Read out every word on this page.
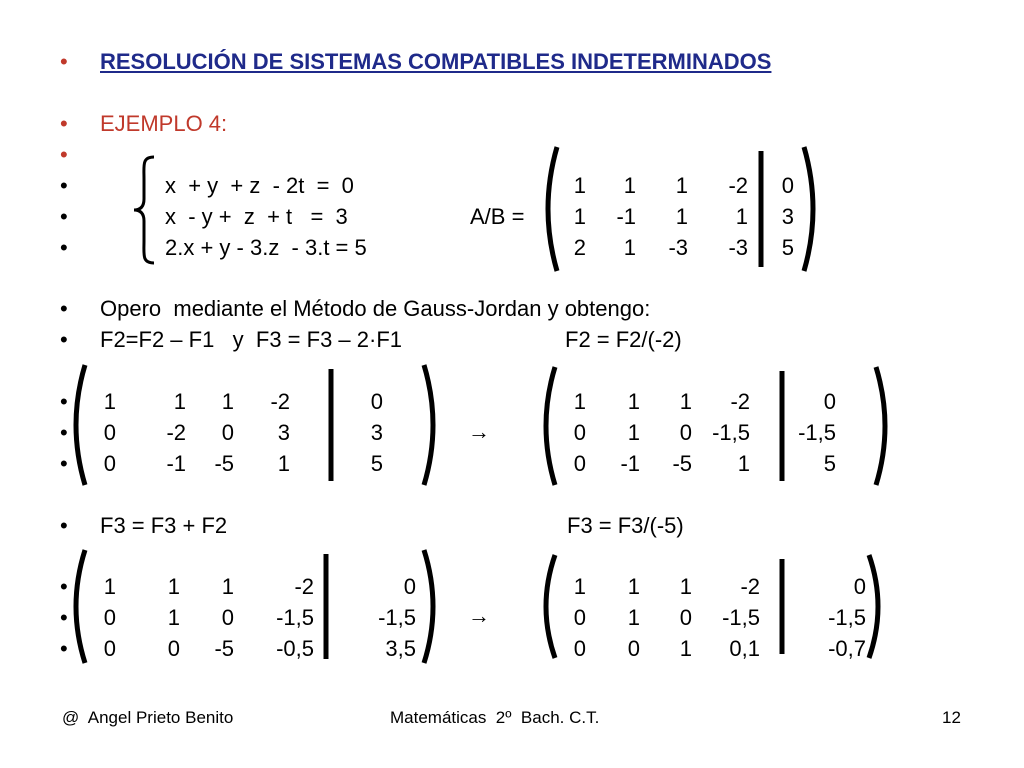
•
•
•
•
•
•
•
•
•
•
•
•
•
•
•
RESOLUCIÓN DE SISTEMAS COMPATIBLES INDETERMINADOS
EJEMPLO 4:
x  + y  + z  - 2t  =  0
x  - y +  z  + t   =  3
2.x + y - 3.z  - 3.t = 5
A/B =
1	1	1	-2	0
1	-1	1	1	3
2	1	-3	-3	5
1	1	1	-2	0
0	-2	0	3	3
0	-1	-5	1	5
1	1	1	-2	0
0	1	0 -1,5	-1,5
0	-1	-5	1	5
1	1	1	-2	0
0	1	0	-1,5	-1,5
0	0	-5	-0,5	3,5
1	1	1	-2	0
0	1	0	-1,5	-1,5
0	0	1	0,1	-0,7
Opero  mediante el Método de Gauss-Jordan y obtengo:
F2=F2 – F1   y  F3 = F3 – 2·F1	F2 = F2/(-2)
F3 = F3 + F2	F3 = F3/(-5)
→
→
@  Angel Prieto Benito	Matemáticas  2º  Bach. C.T.	12
